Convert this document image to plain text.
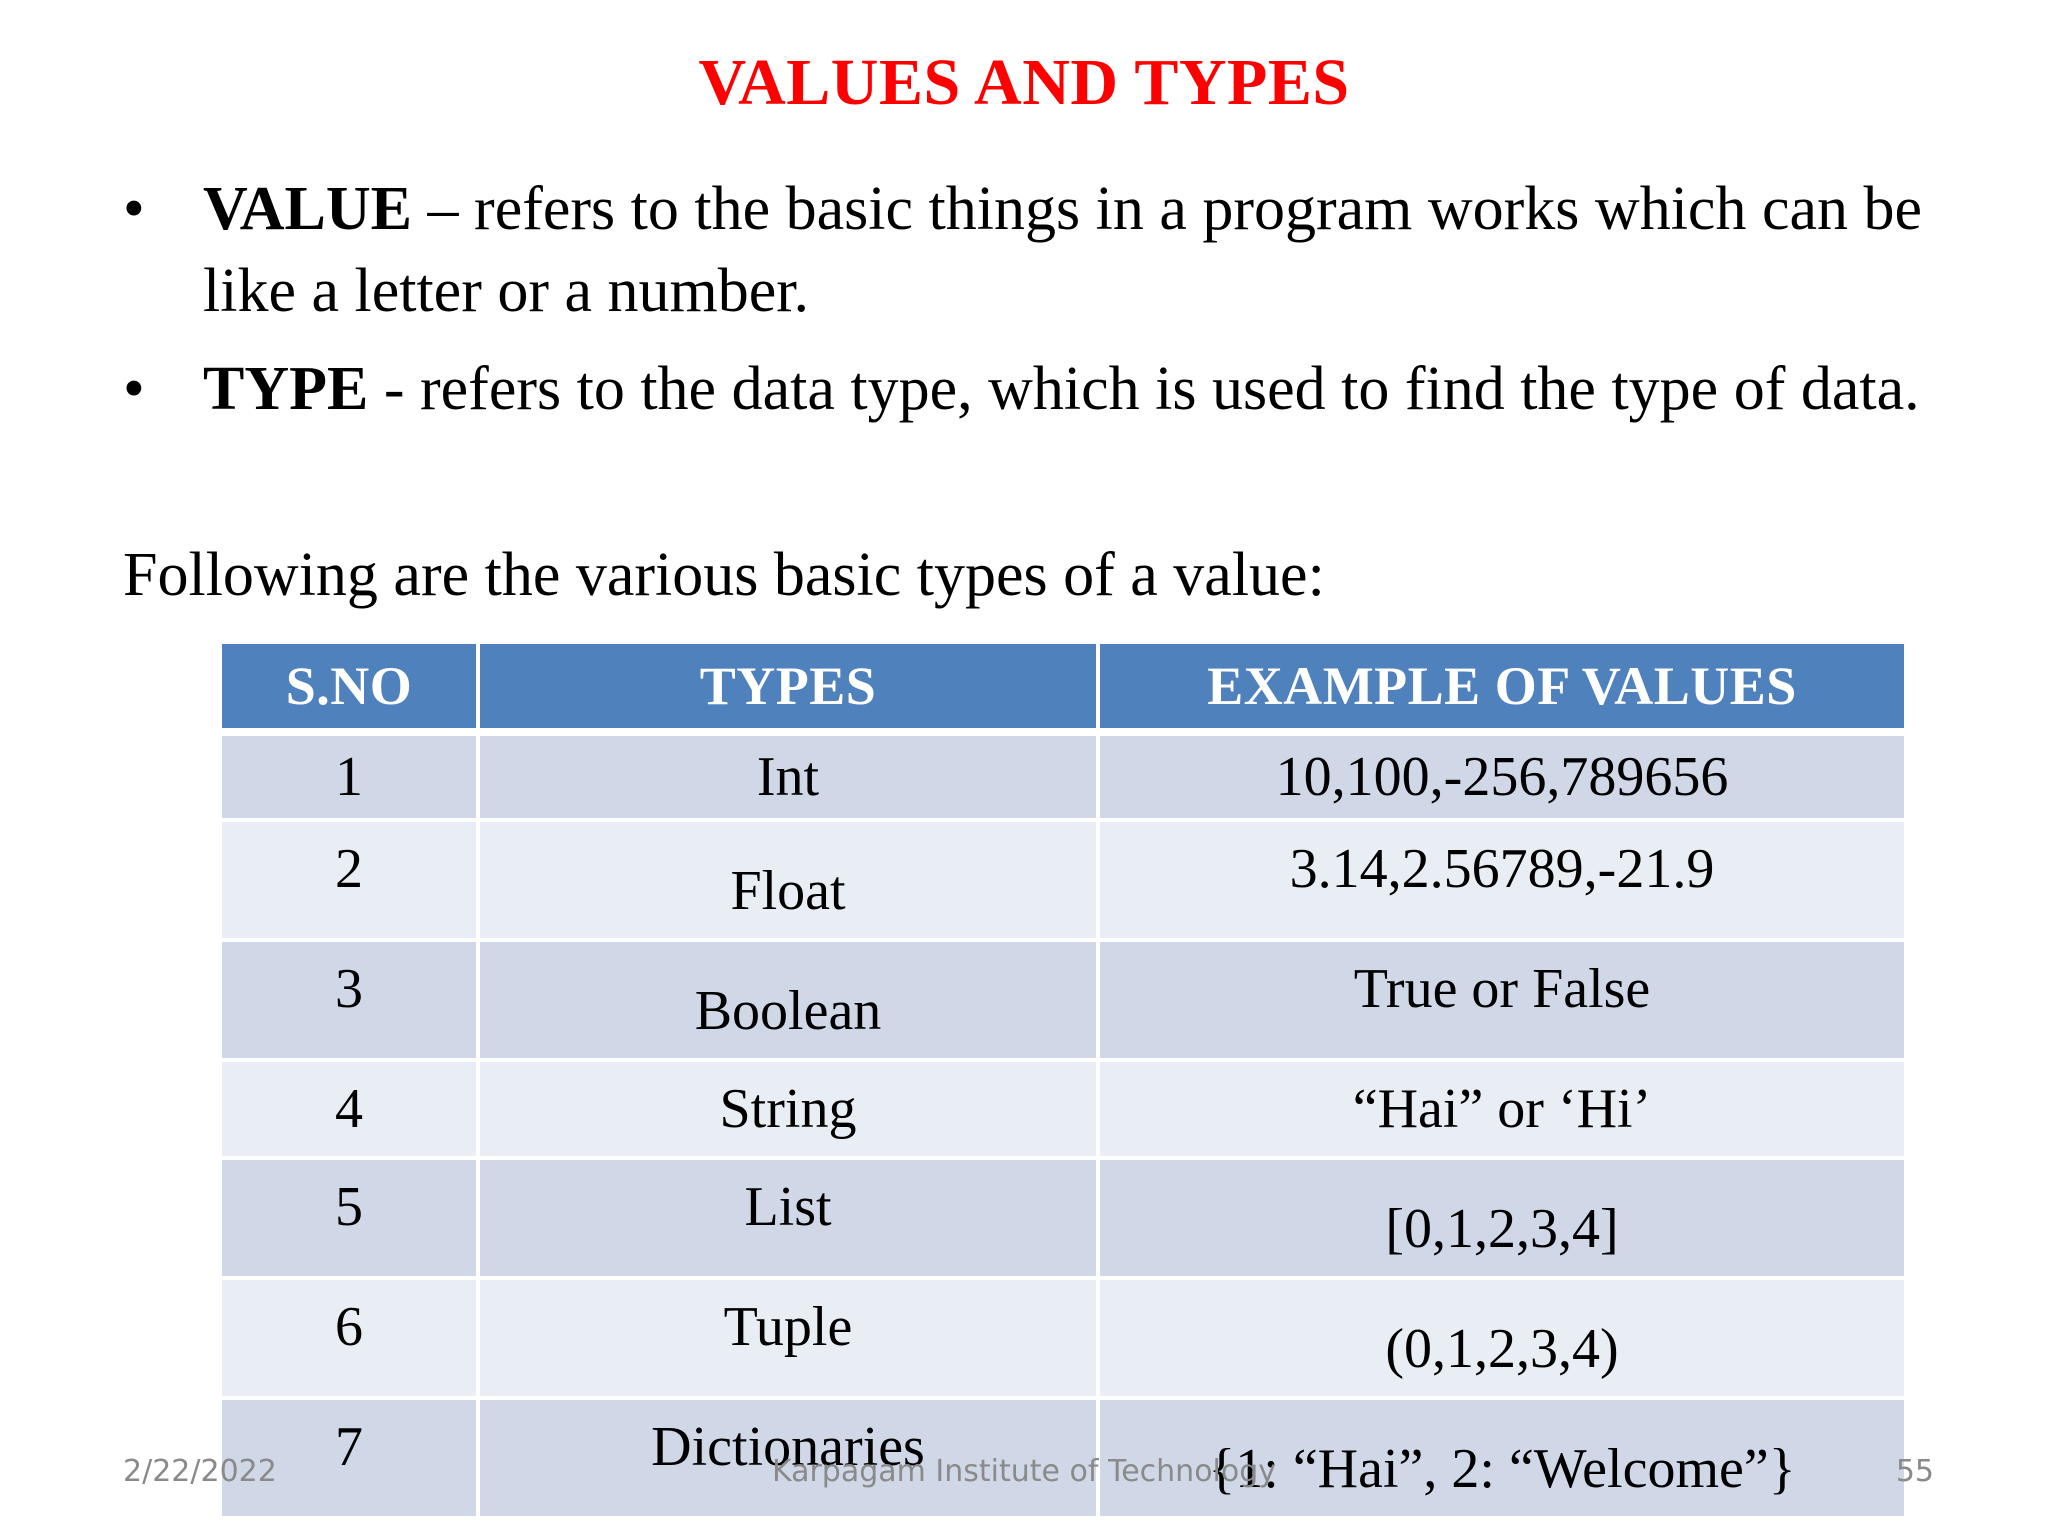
VALUES AND TYPES
• VALUE – refers to the basic things in a program works which can be like a letter or a number.
• TYPE - refers to the data type, which is used to find the type of data.
Following are the various basic types of a value:
S.NO	TYPES	EXAMPLE OF VALUES
1	Int	10,100,-256,789656
2	Float	3.14,2.56789,-21.9
3	Boolean	True or False
4	String	“Hai” or ‘Hi’
5	List	[0,1,2,3,4]
6	Tuple	(0,1,2,3,4)
7	Dictionaries	{1: “Hai”, 2: “Welcome”}
2/22/2022	Karpagam Institute of Technology	55
